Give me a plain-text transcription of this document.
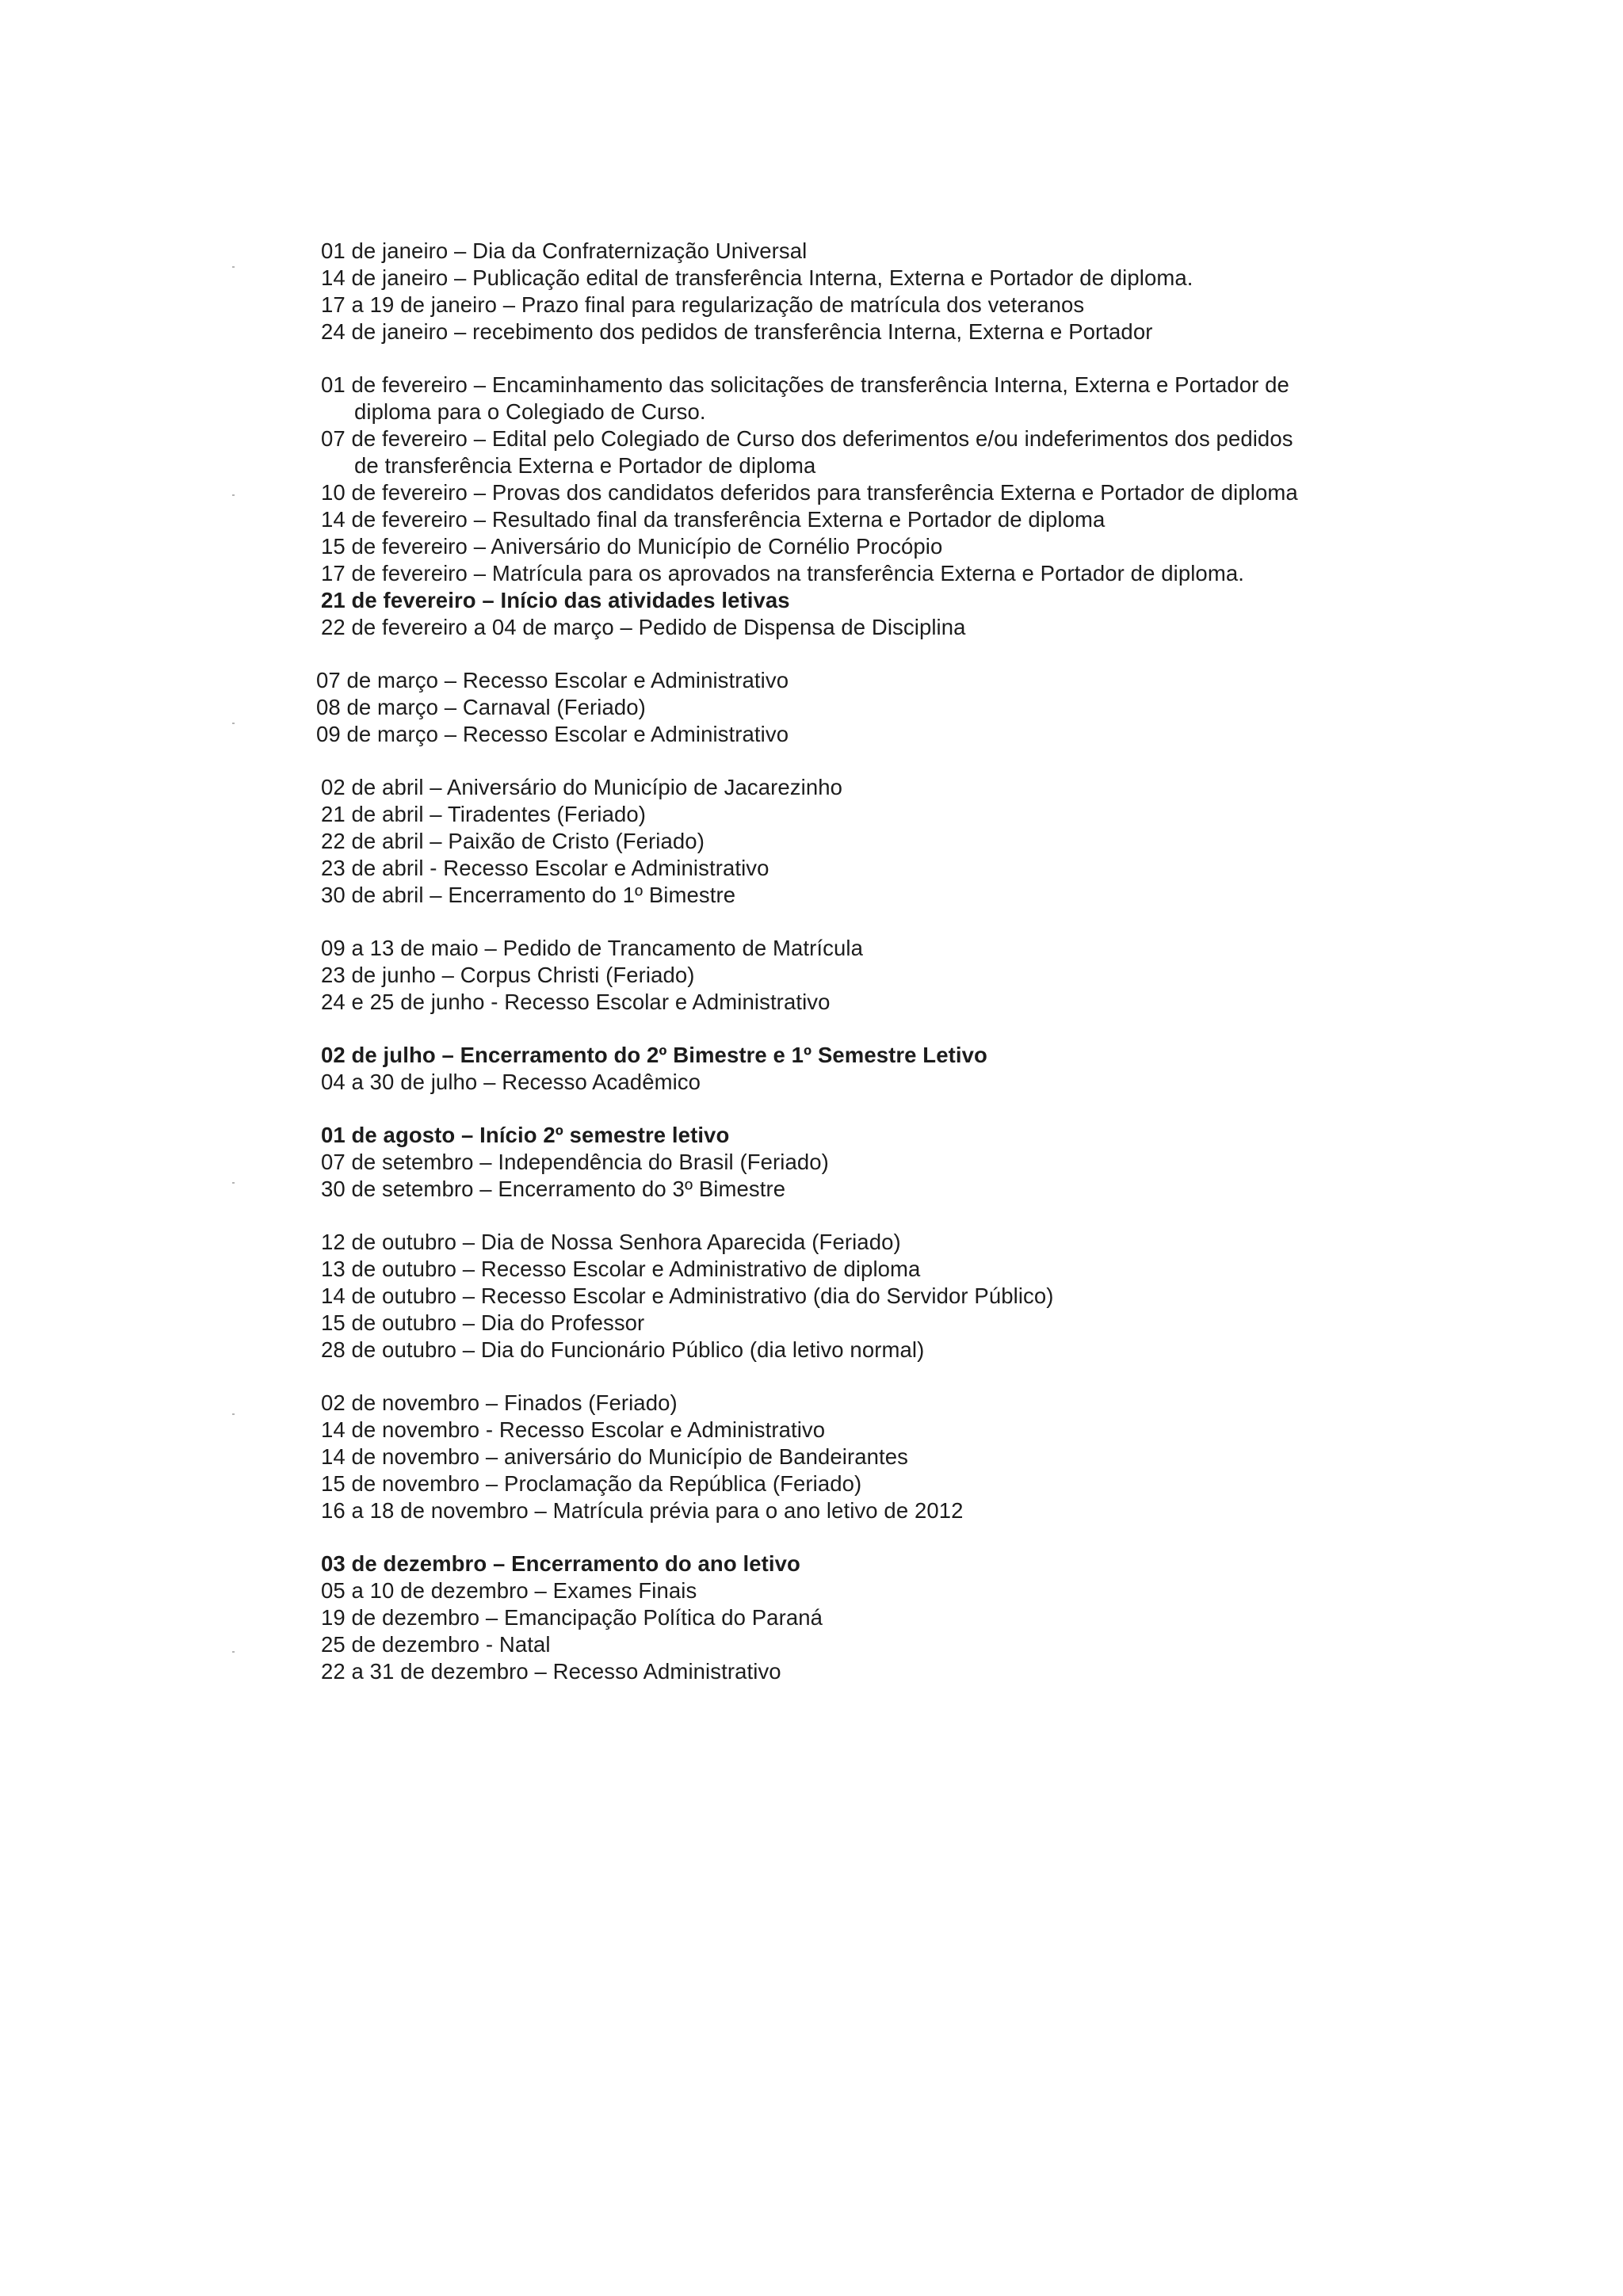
01 de janeiro – Dia da Confraternização Universal
14 de janeiro – Publicação edital de transferência Interna, Externa e Portador de diploma.
17 a 19 de janeiro – Prazo final para regularização de matrícula dos veteranos
24 de janeiro – recebimento dos pedidos de transferência Interna, Externa e Portador
01 de fevereiro – Encaminhamento das solicitações de transferência Interna, Externa e Portador de
diploma para o Colegiado de Curso.
07 de fevereiro – Edital pelo Colegiado de Curso dos deferimentos e/ou indeferimentos dos pedidos
de transferência Externa e Portador de diploma
10 de fevereiro – Provas dos candidatos deferidos para transferência Externa e Portador de diploma
14 de fevereiro – Resultado final da transferência Externa e Portador de diploma
15 de fevereiro – Aniversário do Município de Cornélio Procópio
17 de fevereiro – Matrícula para os aprovados na transferência Externa e Portador de diploma.
21 de fevereiro – Início das atividades letivas
22 de fevereiro a 04 de março – Pedido de Dispensa de Disciplina
07 de março – Recesso Escolar e Administrativo
08 de março – Carnaval (Feriado)
09 de março – Recesso Escolar e Administrativo
02 de abril – Aniversário do Município de Jacarezinho
21 de abril – Tiradentes (Feriado)
22 de abril – Paixão de Cristo (Feriado)
23 de abril - Recesso Escolar e Administrativo
30 de abril – Encerramento do 1º Bimestre
09 a 13 de maio – Pedido de Trancamento de Matrícula
23 de junho – Corpus Christi (Feriado)
24 e 25 de junho - Recesso Escolar e Administrativo
02 de julho – Encerramento do 2º Bimestre e 1º Semestre Letivo
04 a 30 de julho – Recesso Acadêmico
01 de agosto – Início 2º semestre letivo
07 de setembro – Independência do Brasil (Feriado)
30 de setembro – Encerramento do 3º Bimestre
12 de outubro – Dia de Nossa Senhora Aparecida (Feriado)
13 de outubro – Recesso Escolar e Administrativo de diploma
14 de outubro – Recesso Escolar e Administrativo (dia do Servidor Público)
15 de outubro – Dia do Professor
28 de outubro – Dia do Funcionário Público (dia letivo normal)
02 de novembro – Finados (Feriado)
14 de novembro - Recesso Escolar e Administrativo
14 de novembro – aniversário do Município de Bandeirantes
15 de novembro – Proclamação da República (Feriado)
16 a 18 de novembro – Matrícula prévia para o ano letivo de 2012
03 de dezembro – Encerramento do ano letivo
05 a 10 de dezembro – Exames Finais
19 de dezembro – Emancipação Política do Paraná
25 de dezembro - Natal
22 a 31 de dezembro – Recesso Administrativo
